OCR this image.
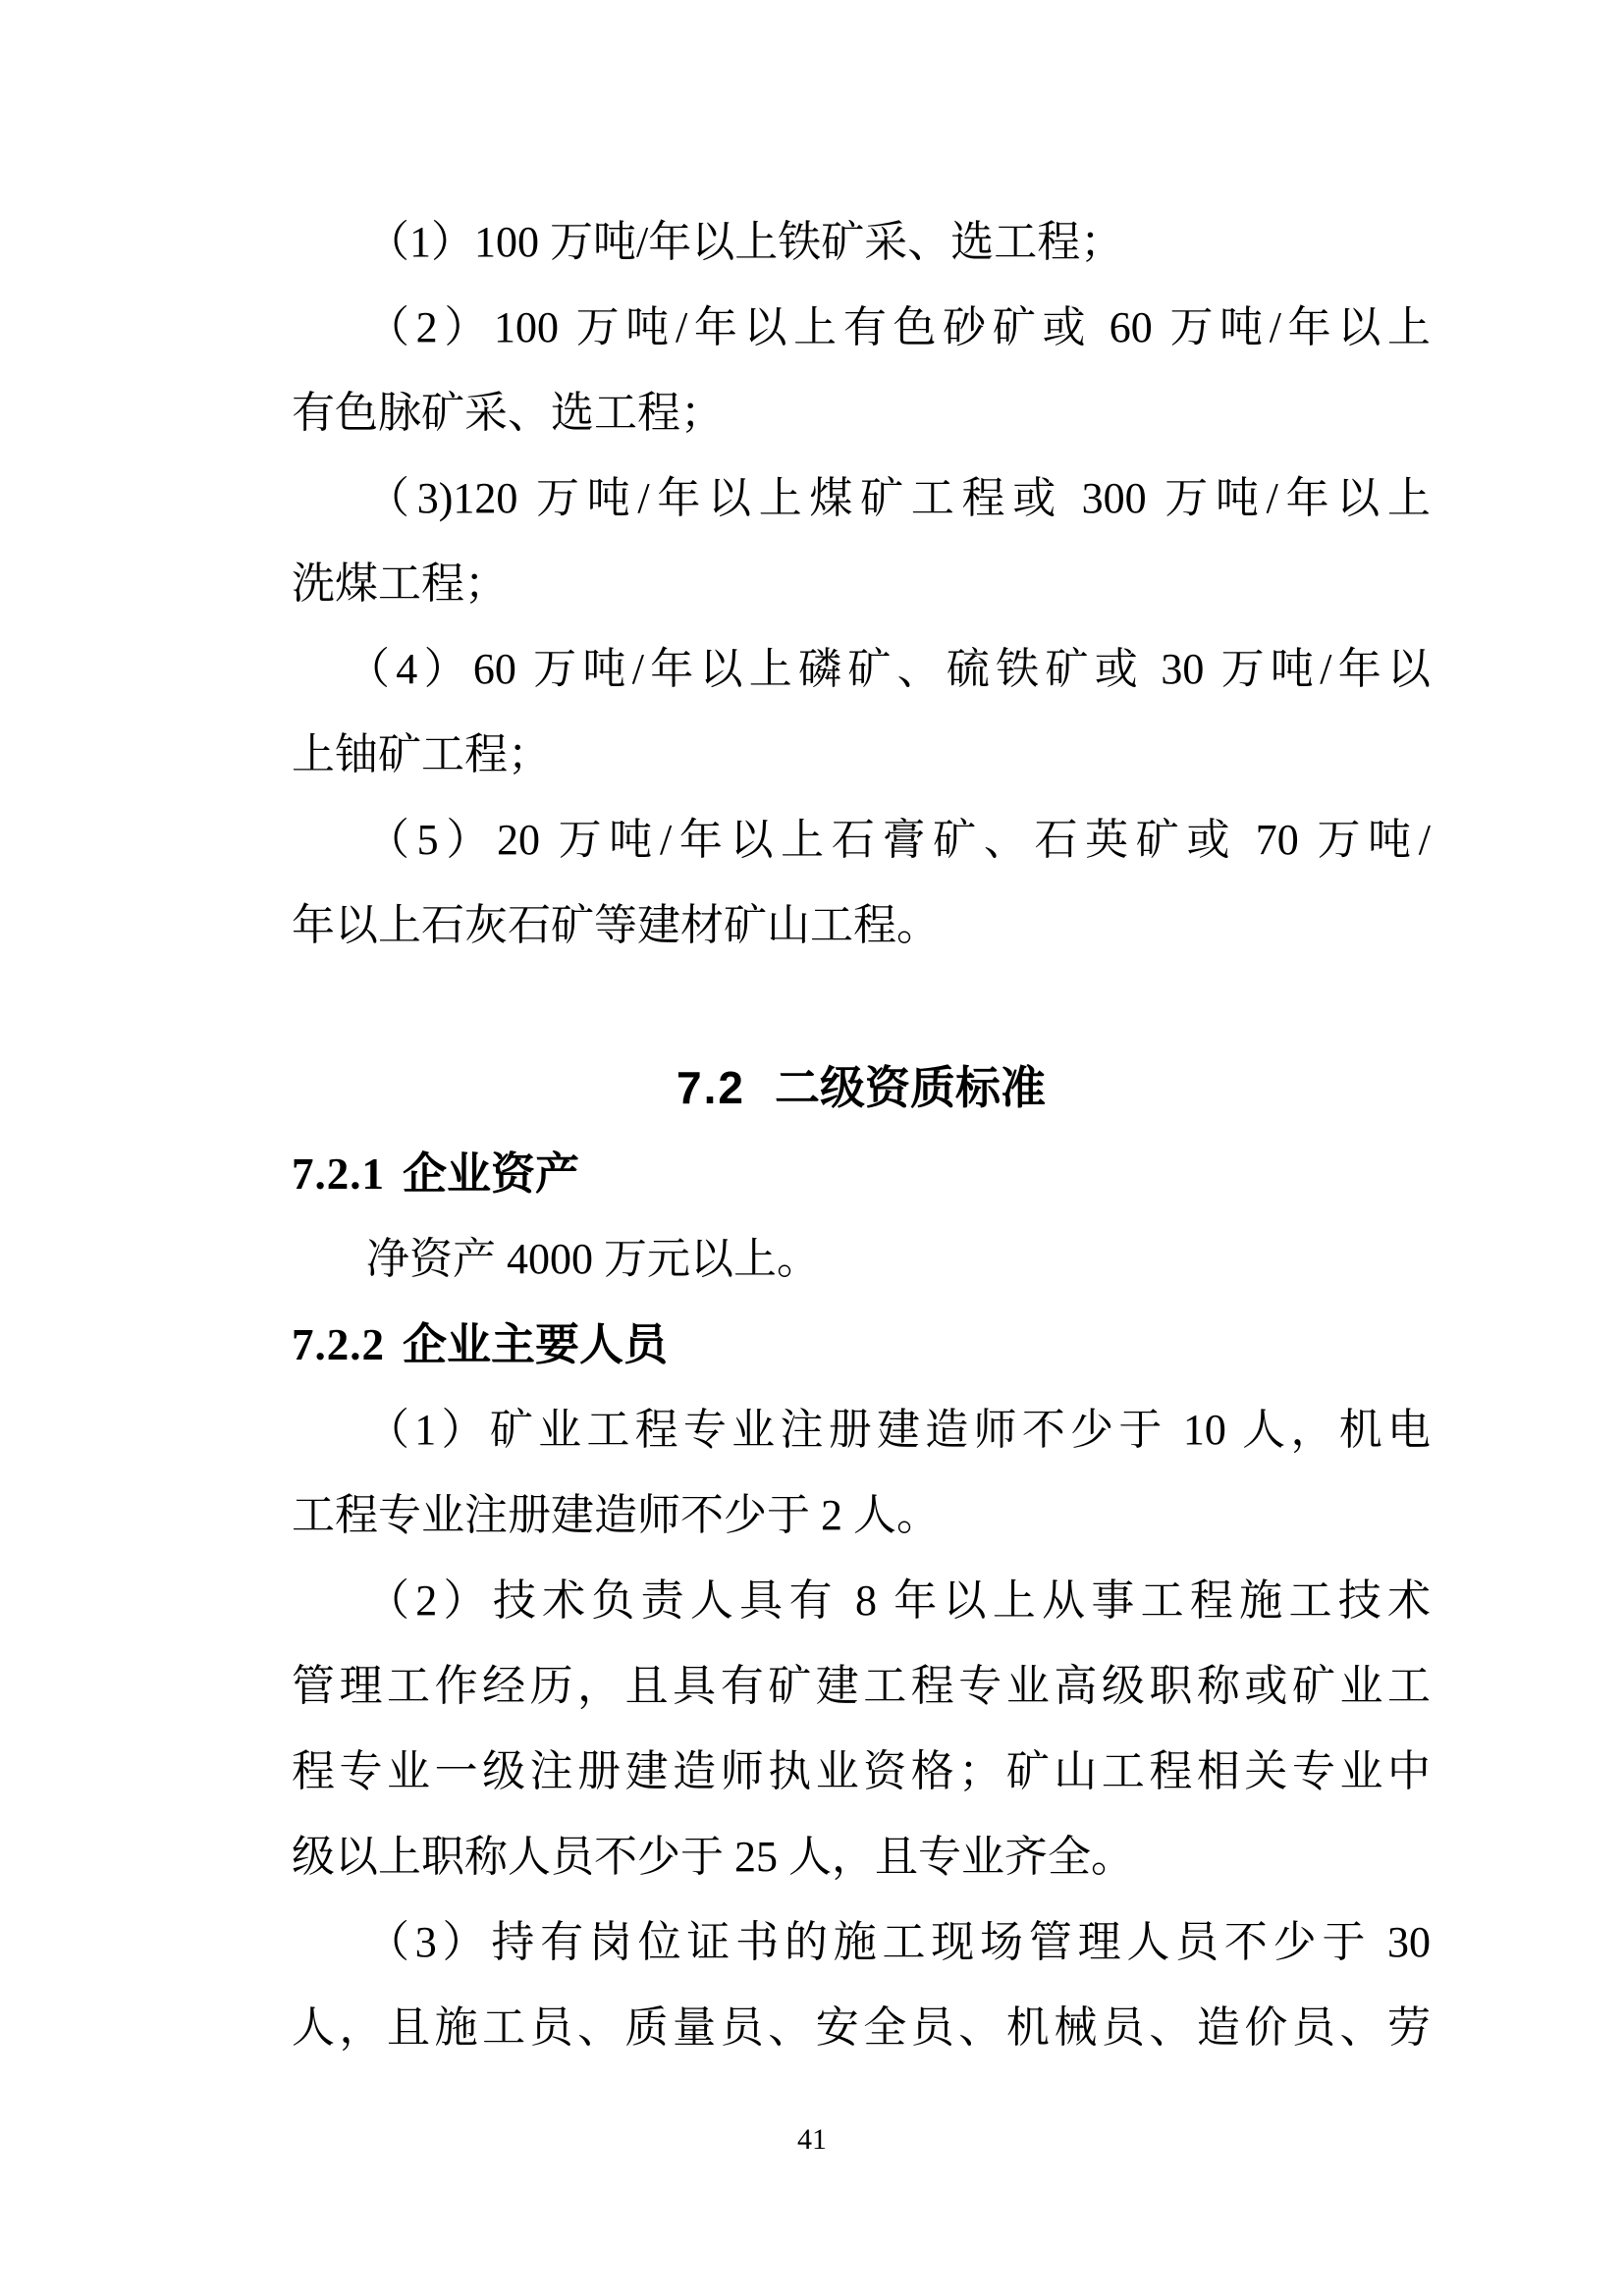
（1）100 万吨/年以上铁矿采、选工程；
（2）100 万吨/年以上有色砂矿或 60 万吨/年以上
有色脉矿采、选工程；
（3)120 万吨/年以上煤矿工程或 300 万吨/年以上
洗煤工程；
（4）60 万吨/年以上磷矿、硫铁矿或 30 万吨/年以
上铀矿工程；
（5）20 万吨/年以上石膏矿、石英矿或 70 万吨/
年以上石灰石矿等建材矿山工程。
7.2 二级资质标准
7.2.1 企业资产
净资产 4000 万元以上。
7.2.2 企业主要人员
（1）矿业工程专业注册建造师不少于 10 人，机电
工程专业注册建造师不少于 2 人。
（2）技术负责人具有 8 年以上从事工程施工技术
管理工作经历，且具有矿建工程专业高级职称或矿业工
程专业一级注册建造师执业资格；矿山工程相关专业中
级以上职称人员不少于 25 人，且专业齐全。
（3）持有岗位证书的施工现场管理人员不少于 30
人，且施工员、质量员、安全员、机械员、造价员、劳
41
